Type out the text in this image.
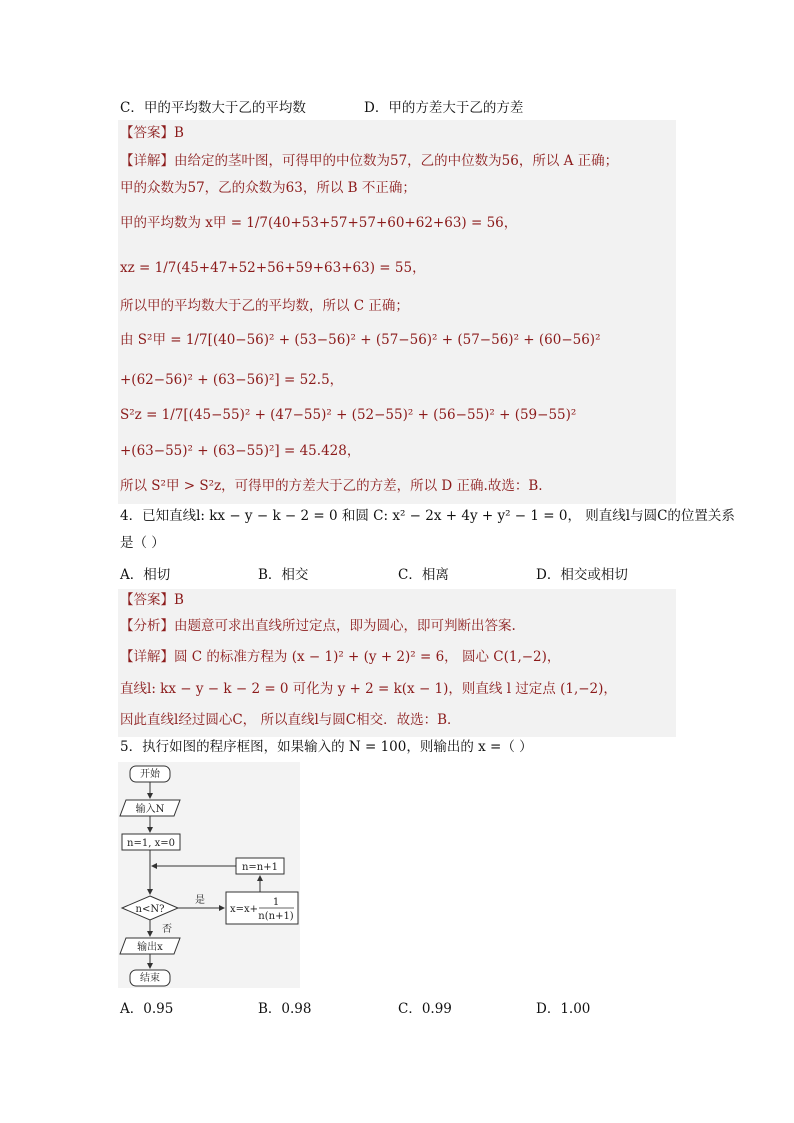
C．甲的平均数大于乙的平均数	D．甲的方差大于乙的方差
【答案】B
【详解】由给定的茎叶图，可得甲的中位数为57，乙的中位数为56，所以 A 正确；
甲的众数为57，乙的众数为63，所以 B 不正确；
甲的平均数为 x甲 = 1/7(40+53+57+57+60+62+63) = 56，
xz = 1/7(45+47+52+56+59+63+63) = 55，
所以甲的平均数大于乙的平均数，所以 C 正确；
由 S²甲 = 1/7[(40−56)² + (53−56)² + (57−56)² + (57−56)² + (60−56)²
+(62−56)² + (63−56)²] = 52.5，
S²z = 1/7[(45−55)² + (47−55)² + (52−55)² + (56−55)² + (59−55)²
+(63−55)² + (63−55)²] = 45.428，
所以 S²甲 > S²z，可得甲的方差大于乙的方差，所以 D 正确.故选：B.
4．已知直线l: kx − y − k − 2 = 0 和圆 C: x² − 2x + 4y + y² − 1 = 0， 则直线l与圆C的位置关系
是（ ）
A．相切	B．相交	C．相离	D．相交或相切
【答案】B
【分析】由题意可求出直线所过定点，即为圆心，即可判断出答案.
【详解】圆 C 的标准方程为 (x − 1)² + (y + 2)² = 6， 圆心 C(1,−2)，
直线l: kx − y − k − 2 = 0 可化为 y + 2 = k(x − 1)，则直线 l 过定点 (1,−2)，
因此直线l经过圆心C， 所以直线l与圆C相交．故选：B．
5．执行如图的程序框图，如果输入的 N = 100，则输出的 x =（ ）
开始
输入N
n=1, x=0
n=n+1
n<N?
是
x=x+
1
n(n+1)
否
输出x
结束
A．0.95	B．0.98	C．0.99	D．1.00
